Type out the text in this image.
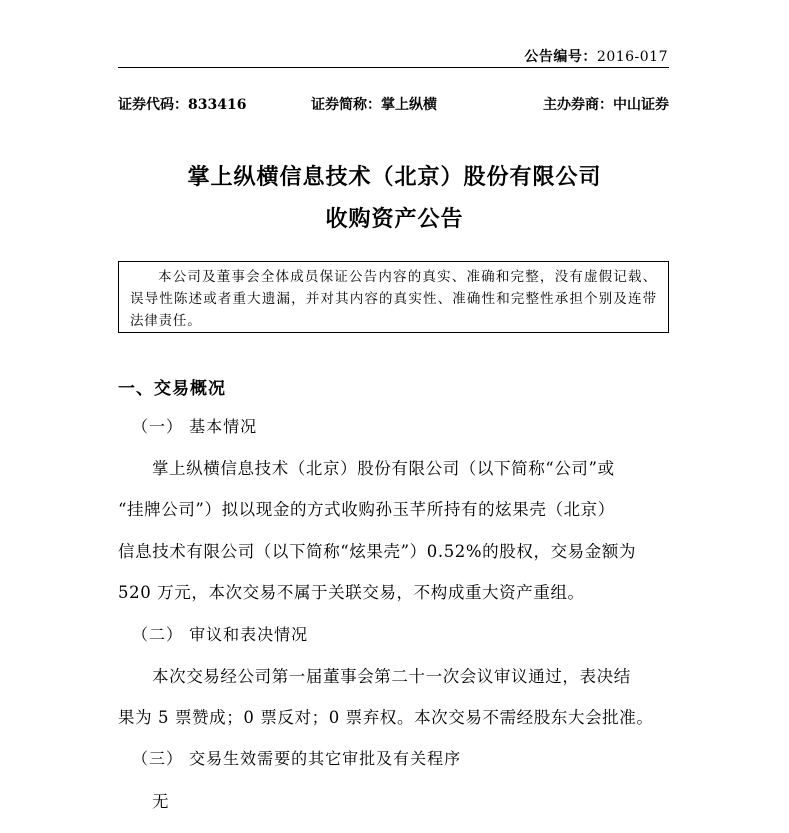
公告编号：2016-017
证券代码：833416	证券简称：掌上纵横	主办券商：中山证券
掌上纵横信息技术（北京）股份有限公司
收购资产公告
本公司及董事会全体成员保证公告内容的真实、准确和完整，没有虚假记载、误导性陈述或者重大遗漏，并对其内容的真实性、准确性和完整性承担个别及连带法律责任。
一、交易概况
（一） 基本情况
掌上纵横信息技术（北京）股份有限公司（以下简称“公司”或
“挂牌公司”）拟以现金的方式收购孙玉芊所持有的炫果壳（北京）
信息技术有限公司（以下简称“炫果壳”）0.52%的股权，交易金额为
520 万元，本次交易不属于关联交易，不构成重大资产重组。
（二） 审议和表决情况
本次交易经公司第一届董事会第二十一次会议审议通过，表决结
果为 5 票赞成；0 票反对；0 票弃权。本次交易不需经股东大会批准。
（三） 交易生效需要的其它审批及有关程序
无
